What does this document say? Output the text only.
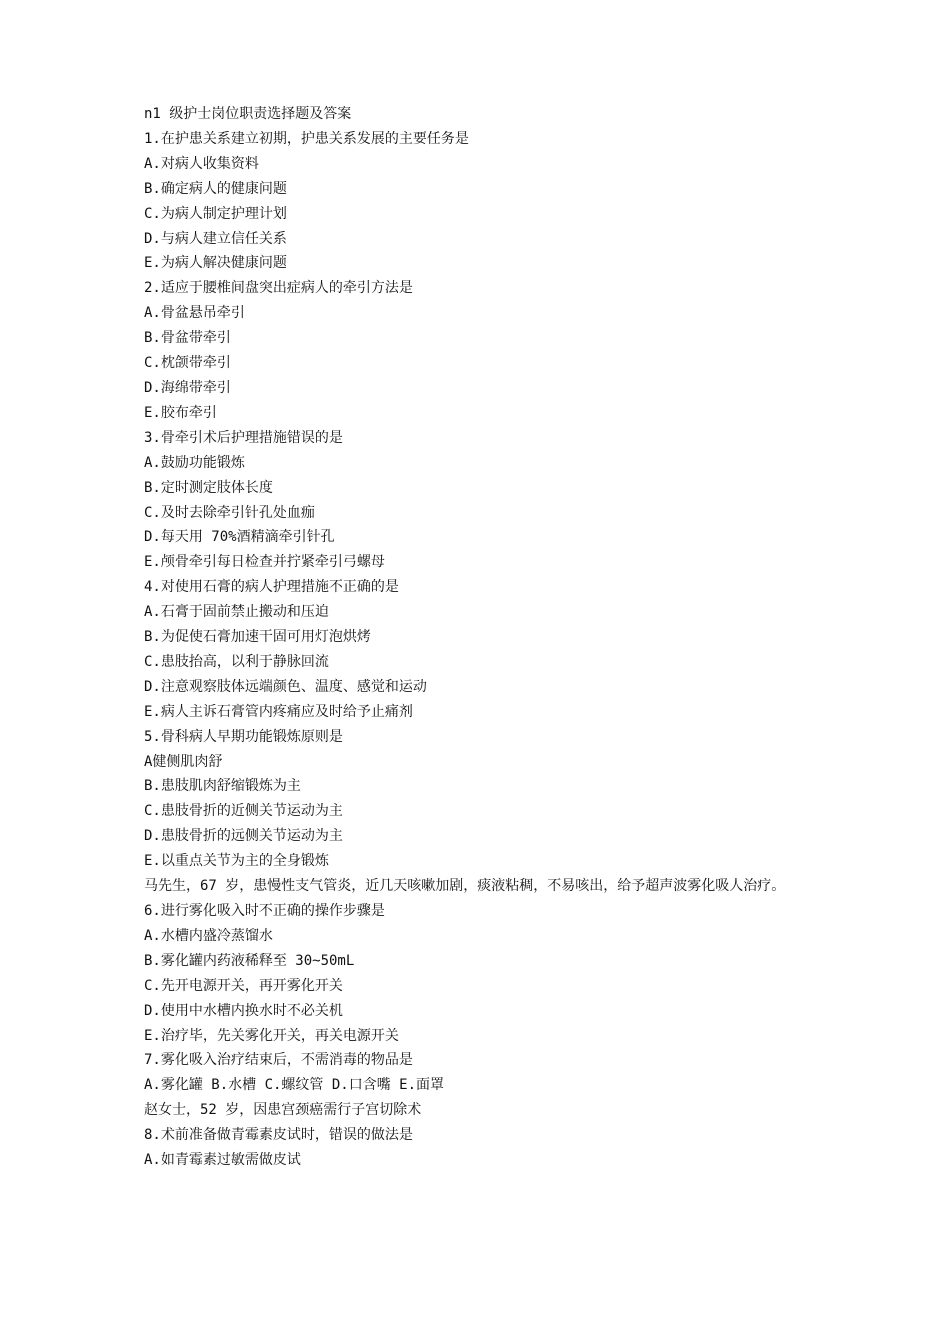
n1 级护士岗位职责选择题及答案

1.在护患关系建立初期，护患关系发展的主要任务是

A.对病人收集资料

B.确定病人的健康问题

C.为病人制定护理计划

D.与病人建立信任关系

E.为病人解决健康问题

2.适应于腰椎间盘突出症病人的牵引方法是

A.骨盆悬吊牵引

B.骨盆带牵引

C.枕颌带牵引

D.海绵带牵引

E.胶布牵引

3.骨牵引术后护理措施错误的是

A.鼓励功能锻炼

B.定时测定肢体长度

C.及时去除牵引针孔处血痂

D.每天用 70%酒精滴牵引针孔

E.颅骨牵引每日检查并拧紧牵引弓螺母

4.对使用石膏的病人护理措施不正确的是

A.石膏于固前禁止搬动和压迫

B.为促使石膏加速干固可用灯泡烘烤

C.患肢抬高，以利于静脉回流

D.注意观察肢体远端颜色、温度、感觉和运动

E.病人主诉石膏管内疼痛应及时给予止痛剂

5.骨科病人早期功能锻炼原则是

A健侧肌肉舒

B.患肢肌肉舒缩锻炼为主

C.患肢骨折的近侧关节运动为主

D.患肢骨折的远侧关节运动为主

E.以重点关节为主的全身锻炼

马先生，67 岁，患慢性支气管炎，近几天咳嗽加剧，痰液粘稠，不易咳出，给予超声波雾化吸人治疗。

6.进行雾化吸入时不正确的操作步骤是

A.水槽内盛冷蒸馏水

B.雾化罐内药液稀释至 30~50mL

C.先开电源开关，再开雾化开关

D.使用中水槽内换水时不必关机

E.治疗毕，先关雾化开关，再关电源开关

7.雾化吸入治疗结束后，不需消毒的物品是

A.雾化罐 B.水槽 C.螺纹管 D.口含嘴 E.面罩

赵女士，52 岁，因患宫颈癌需行子宫切除术

8.术前准备做青霉素皮试时，错误的做法是

A.如青霉素过敏需做皮试
